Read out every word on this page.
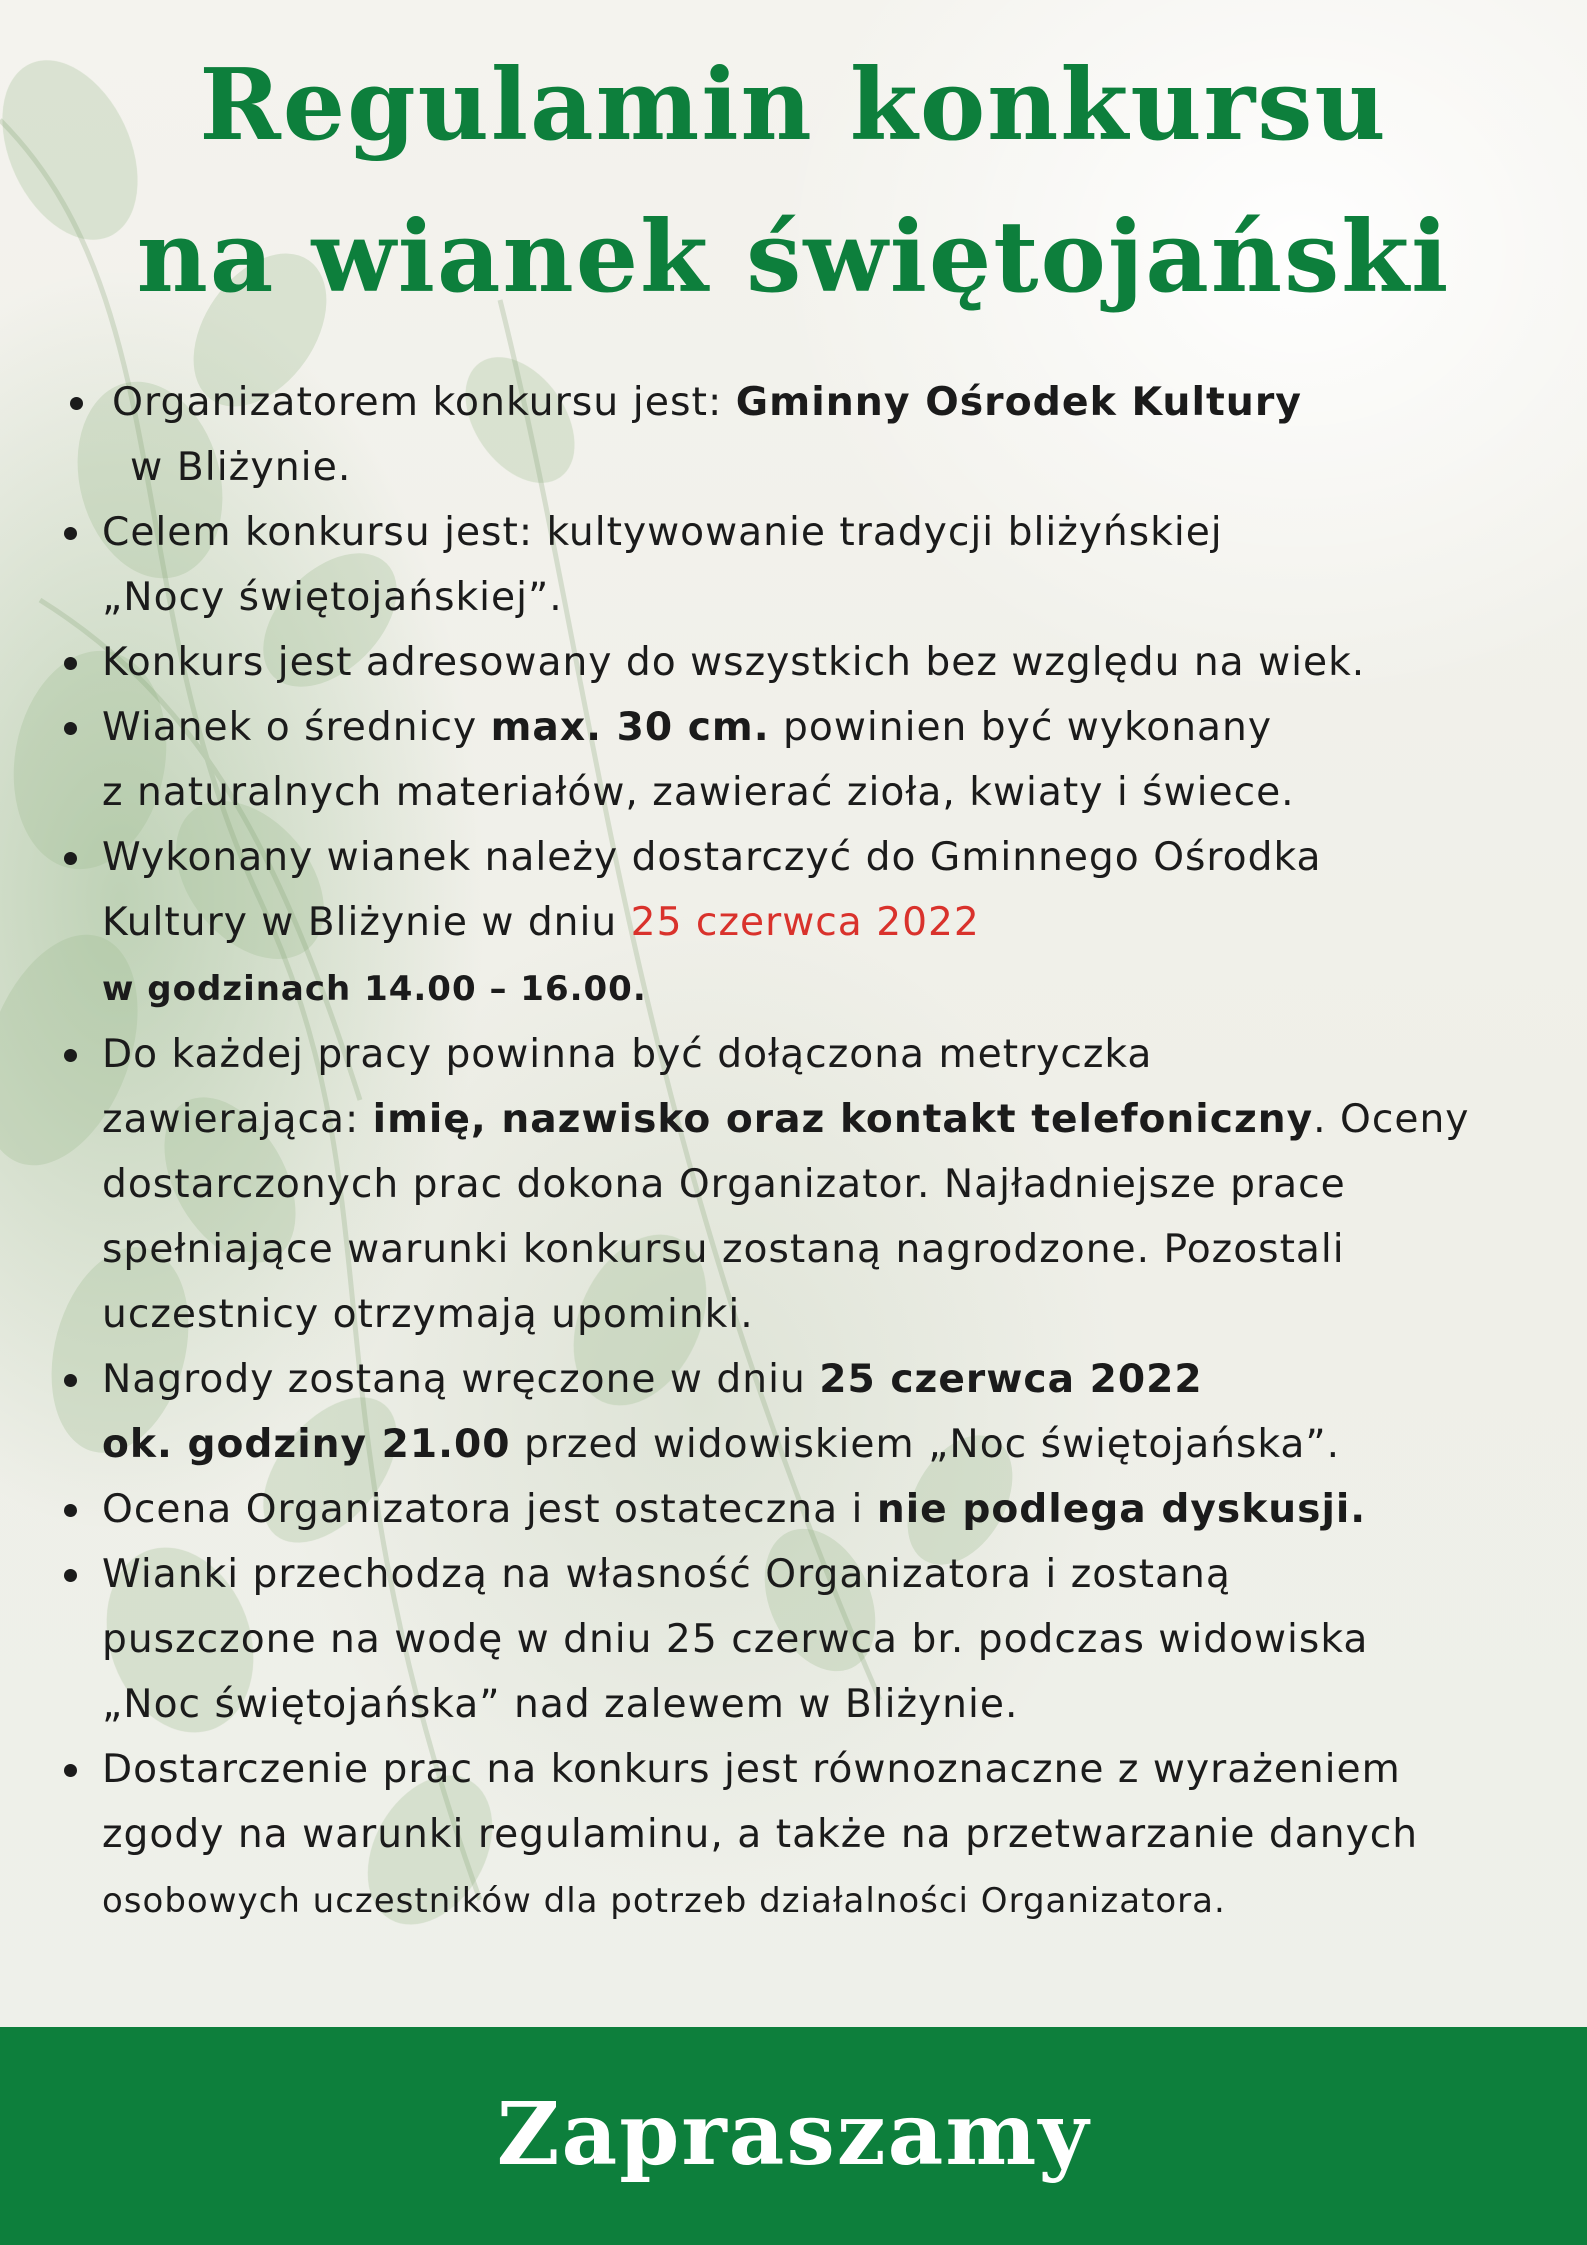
Regulamin konkursu
na wianek świętojański
Organizatorem konkursu jest: Gminny Ośrodek Kultury
w Bliżynie.
Celem konkursu jest: kultywowanie tradycji bliżyńskiej
„Nocy świętojańskiej”.
Konkurs jest adresowany do wszystkich bez względu na wiek.
Wianek o średnicy max. 30 cm. powinien być wykonany
z naturalnych materiałów, zawierać zioła, kwiaty i świece.
Wykonany wianek należy dostarczyć do Gminnego Ośrodka
Kultury w Bliżynie w dniu 25 czerwca 2022
w godzinach 14.00 – 16.00.
Do każdej pracy powinna być dołączona metryczka
zawierająca: imię, nazwisko oraz kontakt telefoniczny. Oceny
dostarczonych prac dokona Organizator. Najładniejsze prace
spełniające warunki konkursu zostaną nagrodzone. Pozostali
uczestnicy otrzymają upominki.
Nagrody zostaną wręczone w dniu 25 czerwca 2022
ok. godziny 21.00 przed widowiskiem „Noc świętojańska”.
Ocena Organizatora jest ostateczna i nie podlega dyskusji.
Wianki przechodzą na własność Organizatora i zostaną
puszczone na wodę w dniu 25 czerwca br. podczas widowiska
„Noc świętojańska” nad zalewem w Bliżynie.
Dostarczenie prac na konkurs jest równoznaczne z wyrażeniem
zgody na warunki regulaminu, a także na przetwarzanie danych
osobowych uczestników dla potrzeb działalności Organizatora.
Zapraszamy
